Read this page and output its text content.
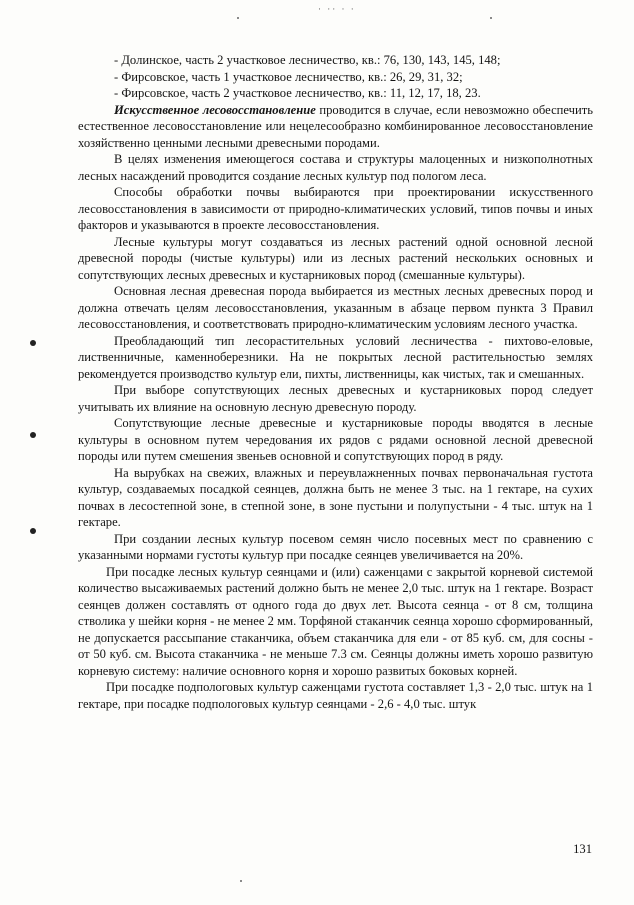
· ·· · ·
- Долинское, часть 2 участковое лесничество, кв.: 76, 130, 143, 145, 148;
- Фирсовское, часть 1 участковое лесничество, кв.: 26, 29, 31, 32;
- Фирсовское, часть 2 участковое лесничество, кв.: 11, 12, 17, 18, 23.

Искусственное лесовосстановление проводится в случае, если невозможно обеспечить естественное лесовосстановление или нецелесообразно комбинированное лесовосстановление хозяйственно ценными лесными древесными породами.

В целях изменения имеющегося состава и структуры малоценных и низкополнотных лесных насаждений проводится создание лесных культур под пологом леса.

Способы обработки почвы выбираются при проектировании искусственного лесовосстановления в зависимости от природно-климатических условий, типов почвы и иных факторов и указываются в проекте лесовосстановления.

Лесные культуры могут создаваться из лесных растений одной основной лесной древесной породы (чистые культуры) или из лесных растений нескольких основных и сопутствующих лесных древесных и кустарниковых пород (смешанные культуры).

Основная лесная древесная порода выбирается из местных лесных древесных пород и должна отвечать целям лесовосстановления, указанным в абзаце первом пункта 3 Правил лесовосстановления, и соответствовать природно-климатическим условиям лесного участка.

Преобладающий тип лесорастительных условий лесничества - пихтово-еловые, лиственничные, каменноберезники. На не покрытых лесной растительностью землях рекомендуется производство культур ели, пихты, лиственницы, как чистых, так и смешанных.

При выборе сопутствующих лесных древесных и кустарниковых пород следует учитывать их влияние на основную лесную древесную породу.

Сопутствующие лесные древесные и кустарниковые породы вводятся в лесные культуры в основном путем чередования их рядов с рядами основной лесной древесной породы или путем смешения звеньев основной и сопутствующих пород в ряду.

На вырубках на свежих, влажных и переувлажненных почвах первоначальная густота культур, создаваемых посадкой сеянцев, должна быть не менее 3 тыс. на 1 гектаре, на сухих почвах в лесостепной зоне, в степной зоне, в зоне пустыни и полупустыни - 4 тыс. штук на 1 гектаре.

При создании лесных культур посевом семян число посевных мест по сравнению с указанными нормами густоты культур при посадке сеянцев увеличивается на 20%.

При посадке лесных культур сеянцами и (или) саженцами с закрытой корневой системой количество высаживаемых растений должно быть не менее 2,0 тыс. штук на 1 гектаре. Возраст сеянцев должен составлять от одного года до двух лет. Высота сеянца - от 8 см, толщина стволика у шейки корня - не менее 2 мм. Торфяной стаканчик сеянца хорошо сформированный, не допускается рассыпание стаканчика, объем стаканчика для ели - от 85 куб. см, для сосны - от 50 куб. см. Высота стаканчика - не меньше 7.3 см. Сеянцы должны иметь хорошо развитую корневую систему: наличие основного корня и хорошо развитых боковых корней.

При посадке подпологовых культур саженцами густота составляет 1,3 - 2,0 тыс. штук на 1 гектаре, при посадке подпологовых культур сеянцами - 2,6 - 4,0 тыс. штук

131
